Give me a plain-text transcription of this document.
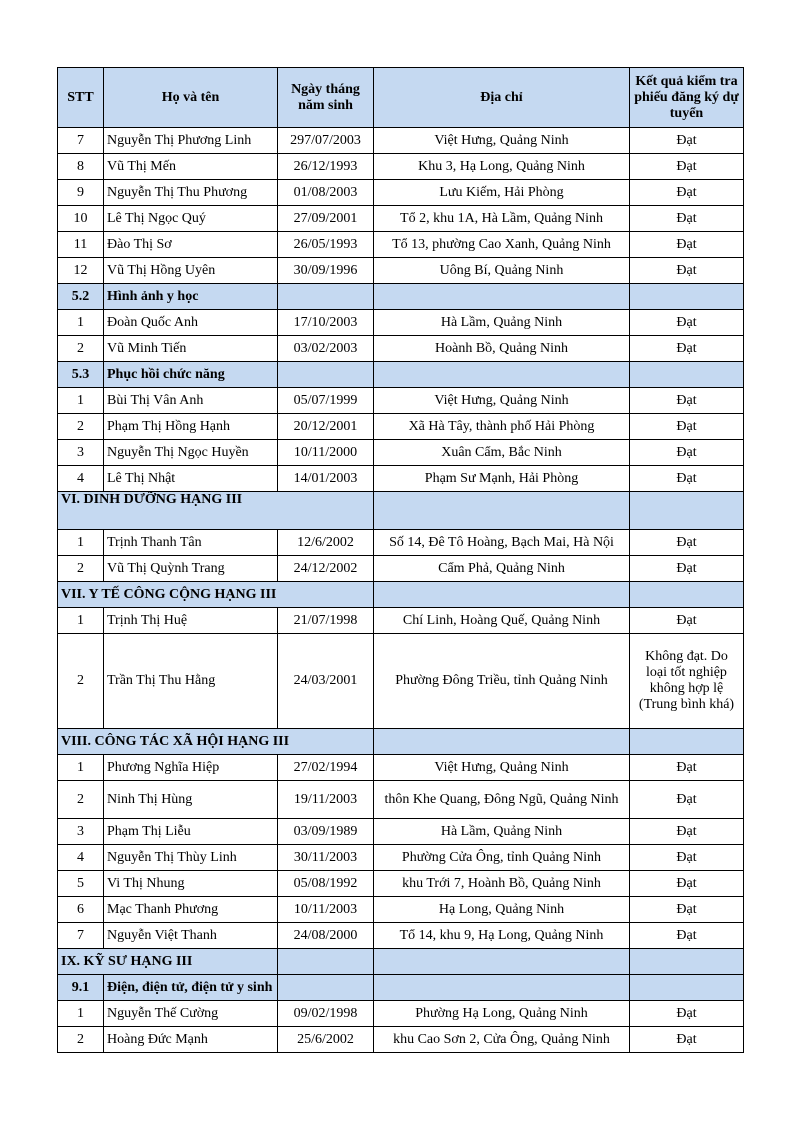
STT	Họ và tên	Ngày tháng năm sinh	Địa chỉ	Kết quả kiểm tra phiếu đăng ký dự tuyển
7	Nguyễn Thị Phương Linh	297/07/2003	Việt Hưng, Quảng Ninh	Đạt
8	Vũ Thị Mến	26/12/1993	Khu 3, Hạ Long, Quảng Ninh	Đạt
9	Nguyễn Thị Thu Phương	01/08/2003	Lưu Kiếm, Hải Phòng	Đạt
10	Lê Thị Ngọc Quý	27/09/2001	Tổ 2, khu 1A, Hà Lầm, Quảng Ninh	Đạt
11	Đào Thị Sơ	26/05/1993	Tổ 13, phường Cao Xanh, Quảng Ninh	Đạt
12	Vũ Thị Hồng Uyên	30/09/1996	Uông Bí, Quảng Ninh	Đạt
5.2	Hình ảnh y học			
1	Đoàn Quốc Anh	17/10/2003	Hà Lầm, Quảng Ninh	Đạt
2	Vũ Minh Tiến	03/02/2003	Hoành Bồ, Quảng Ninh	Đạt
5.3	Phục hồi chức năng			
1	Bùi Thị Vân Anh	05/07/1999	Việt Hưng, Quảng Ninh	Đạt
2	Phạm Thị Hồng Hạnh	20/12/2001	Xã Hà Tây, thành phố Hải Phòng	Đạt
3	Nguyễn Thị Ngọc Huyền	10/11/2000	Xuân Cẩm, Bắc Ninh	Đạt
4	Lê Thị Nhật	14/01/2003	Phạm Sư Mạnh, Hải Phòng	Đạt
VI. DINH DƯỠNG HẠNG III				
1	Trịnh Thanh Tân	12/6/2002	Số 14, Đê Tô Hoàng, Bạch Mai, Hà Nội	Đạt
2	Vũ Thị Quỳnh Trang	24/12/2002	Cẩm Phả, Quảng Ninh	Đạt
VII. Y TẾ CÔNG CỘNG HẠNG III				
1	Trịnh Thị Huệ	21/07/1998	Chí Linh, Hoàng Quế, Quảng Ninh	Đạt
2	Trần Thị Thu Hằng	24/03/2001	Phường Đông Triều, tỉnh Quảng Ninh	Không đạt. Do loại tốt nghiệp không hợp lệ (Trung bình khá)
VIII. CÔNG TÁC XÃ HỘI HẠNG III				
1	Phương Nghĩa Hiệp	27/02/1994	Việt Hưng, Quảng Ninh	Đạt
2	Ninh Thị Hùng	19/11/2003	thôn Khe Quang, Đông Ngũ, Quảng Ninh	Đạt
3	Phạm Thị Liễu	03/09/1989	Hà Lầm, Quảng Ninh	Đạt
4	Nguyễn Thị Thùy Linh	30/11/2003	Phường Cửa Ông, tỉnh Quảng Ninh	Đạt
5	Vi Thị Nhung	05/08/1992	khu Trới 7, Hoành Bồ, Quảng Ninh	Đạt
6	Mạc Thanh Phương	10/11/2003	Hạ Long, Quảng Ninh	Đạt
7	Nguyễn Việt Thanh	24/08/2000	Tổ 14, khu 9, Hạ Long, Quảng Ninh	Đạt
IX. KỸ SƯ HẠNG III				
9.1	Điện, điện tử, điện tử y sinh			
1	Nguyễn Thế Cường	09/02/1998	Phường Hạ Long, Quảng Ninh	Đạt
2	Hoàng Đức Mạnh	25/6/2002	khu Cao Sơn 2, Cửa Ông, Quảng Ninh	Đạt
